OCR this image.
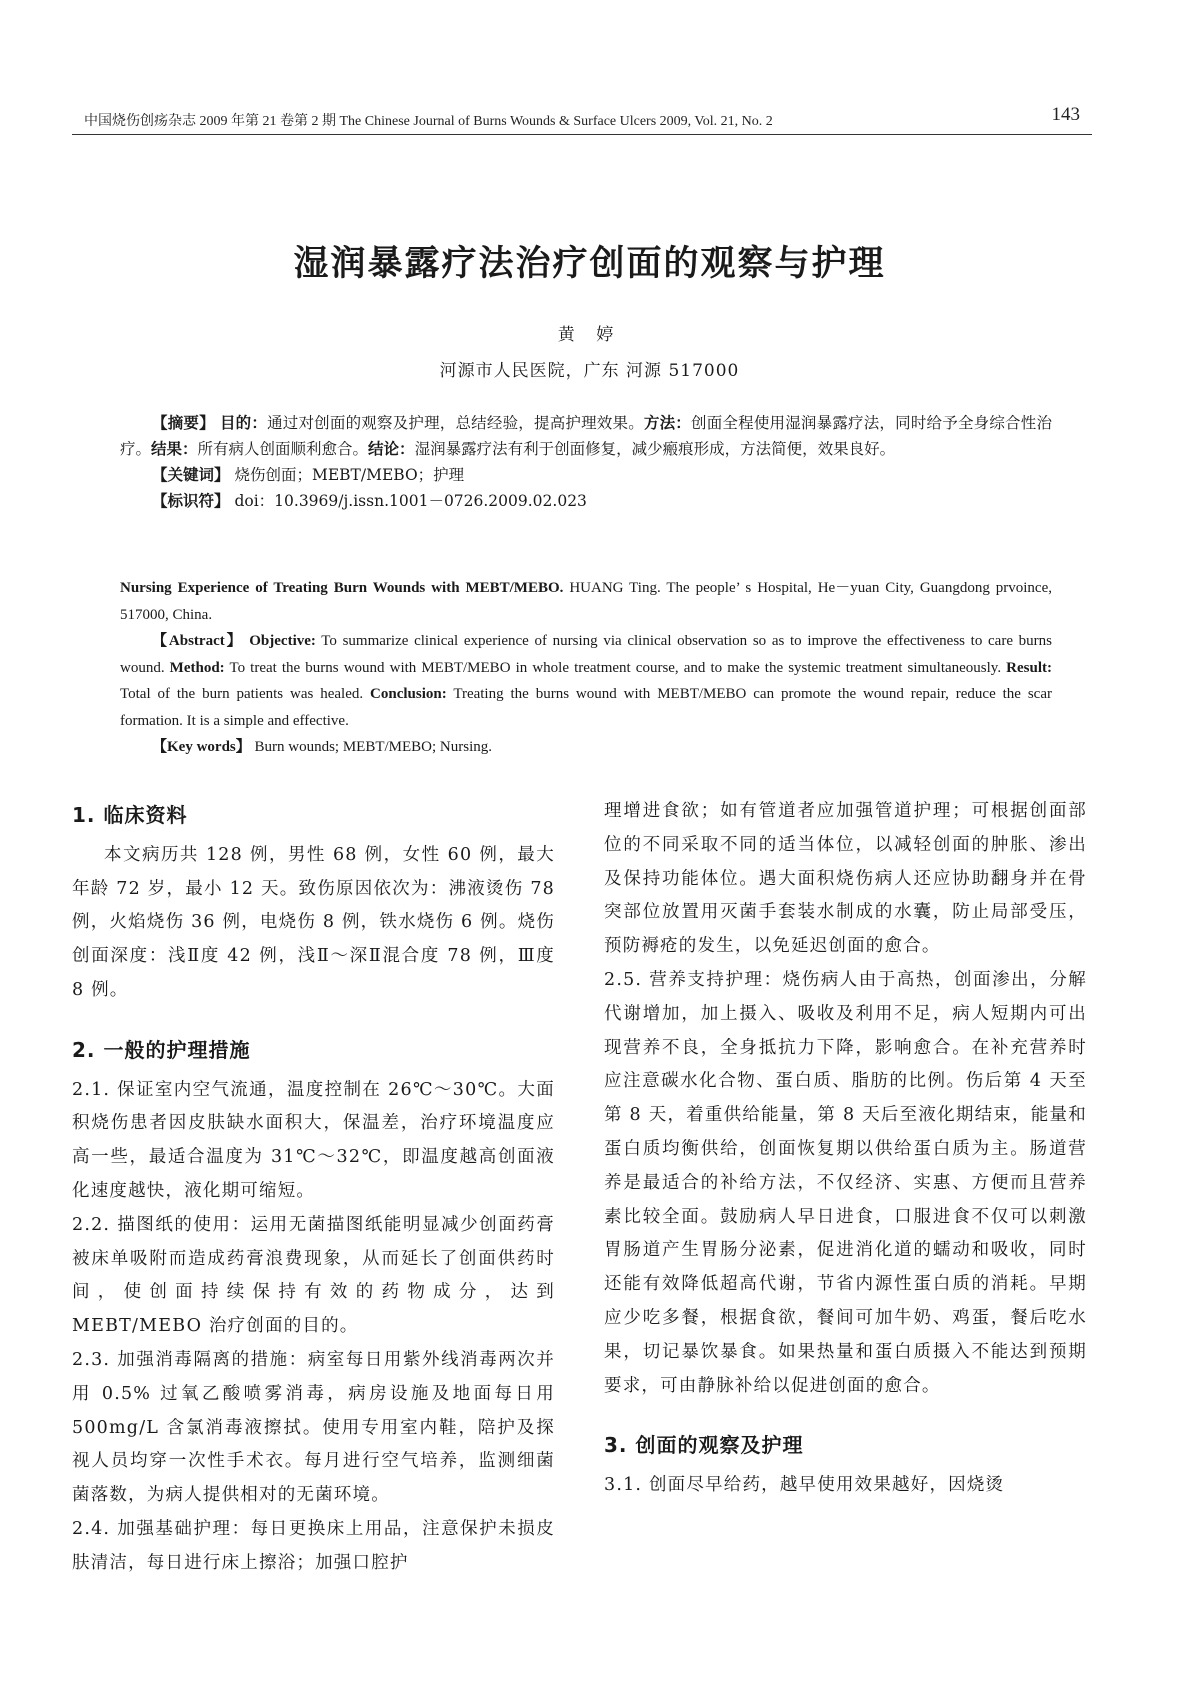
中国烧伤创疡杂志 2009 年第 21 卷第 2 期 The Chinese Journal of Burns Wounds & Surface Ulcers 2009, Vol. 21, No. 2	143
湿润暴露疗法治疗创面的观察与护理
黄 婷
河源市人民医院，广东 河源 517000

【摘要】 目的：通过对创面的观察及护理，总结经验，提高护理效果。方法：创面全程使用湿润暴露疗法，同时给予全身综合性治疗。结果：所有病人创面顺利愈合。结论：湿润暴露疗法有利于创面修复，减少瘢痕形成，方法简便，效果良好。

【关键词】 烧伤创面；MEBT/MEBO；护理

【标识符】 doi：10.3969/j.issn.1001－0726.2009.02.023

Nursing Experience of Treating Burn Wounds with MEBT/MEBO. HUANG Ting. The people’ s Hospital, He－yuan City, Guangdong prvoince, 517000, China.

【Abstract】 Objective: To summarize clinical experience of nursing via clinical observation so as to improve the effectiveness to care burns wound. Method: To treat the burns wound with MEBT/MEBO in whole treatment course, and to make the systemic treatment simultaneously. Result: Total of the burn patients was healed. Conclusion: Treating the burns wound with MEBT/MEBO can promote the wound repair, reduce the scar formation. It is a simple and effective.

【Key words】 Burn wounds; MEBT/MEBO; Nursing.

1. 临床资料

本文病历共 128 例，男性 68 例，女性 60 例，最大年龄 72 岁，最小 12 天。致伤原因依次为：沸液烫伤 78 例，火焰烧伤 36 例，电烧伤 8 例，铁水烧伤 6 例。烧伤创面深度：浅Ⅱ度 42 例，浅Ⅱ～深Ⅱ混合度 78 例，Ⅲ度 8 例。

2. 一般的护理措施

2.1. 保证室内空气流通，温度控制在 26℃～30℃。大面积烧伤患者因皮肤缺水面积大，保温差，治疗环境温度应高一些，最适合温度为 31℃～32℃，即温度越高创面液化速度越快，液化期可缩短。

2.2. 描图纸的使用：运用无菌描图纸能明显减少创面药膏被床单吸附而造成药膏浪费现象，从而延长了创面供药时间，使创面持续保持有效的药物成分，达到 MEBT/MEBO 治疗创面的目的。

2.3. 加强消毒隔离的措施：病室每日用紫外线消毒两次并用 0.5% 过氧乙酸喷雾消毒，病房设施及地面每日用 500mg/L 含氯消毒液擦拭。使用专用室内鞋，陪护及探视人员均穿一次性手术衣。每月进行空气培养，监测细菌菌落数，为病人提供相对的无菌环境。

2.4. 加强基础护理：每日更换床上用品，注意保护未损皮肤清洁，每日进行床上擦浴；加强口腔护

理增进食欲；如有管道者应加强管道护理；可根据创面部位的不同采取不同的适当体位，以减轻创面的肿胀、渗出及保持功能体位。遇大面积烧伤病人还应协助翻身并在骨突部位放置用灭菌手套装水制成的水囊，防止局部受压，预防褥疮的发生，以免延迟创面的愈合。

2.5. 营养支持护理：烧伤病人由于高热，创面渗出，分解代谢增加，加上摄入、吸收及利用不足，病人短期内可出现营养不良，全身抵抗力下降，影响愈合。在补充营养时应注意碳水化合物、蛋白质、脂肪的比例。伤后第 4 天至第 8 天，着重供给能量，第 8 天后至液化期结束，能量和蛋白质均衡供给，创面恢复期以供给蛋白质为主。肠道营养是最适合的补给方法，不仅经济、实惠、方便而且营养素比较全面。鼓励病人早日进食，口服进食不仅可以刺激胃肠道产生胃肠分泌素，促进消化道的蠕动和吸收，同时还能有效降低超高代谢，节省内源性蛋白质的消耗。早期应少吃多餐，根据食欲，餐间可加牛奶、鸡蛋，餐后吃水果，切记暴饮暴食。如果热量和蛋白质摄入不能达到预期要求，可由静脉补给以促进创面的愈合。

3. 创面的观察及护理

3.1. 创面尽早给药，越早使用效果越好，因烧烫
